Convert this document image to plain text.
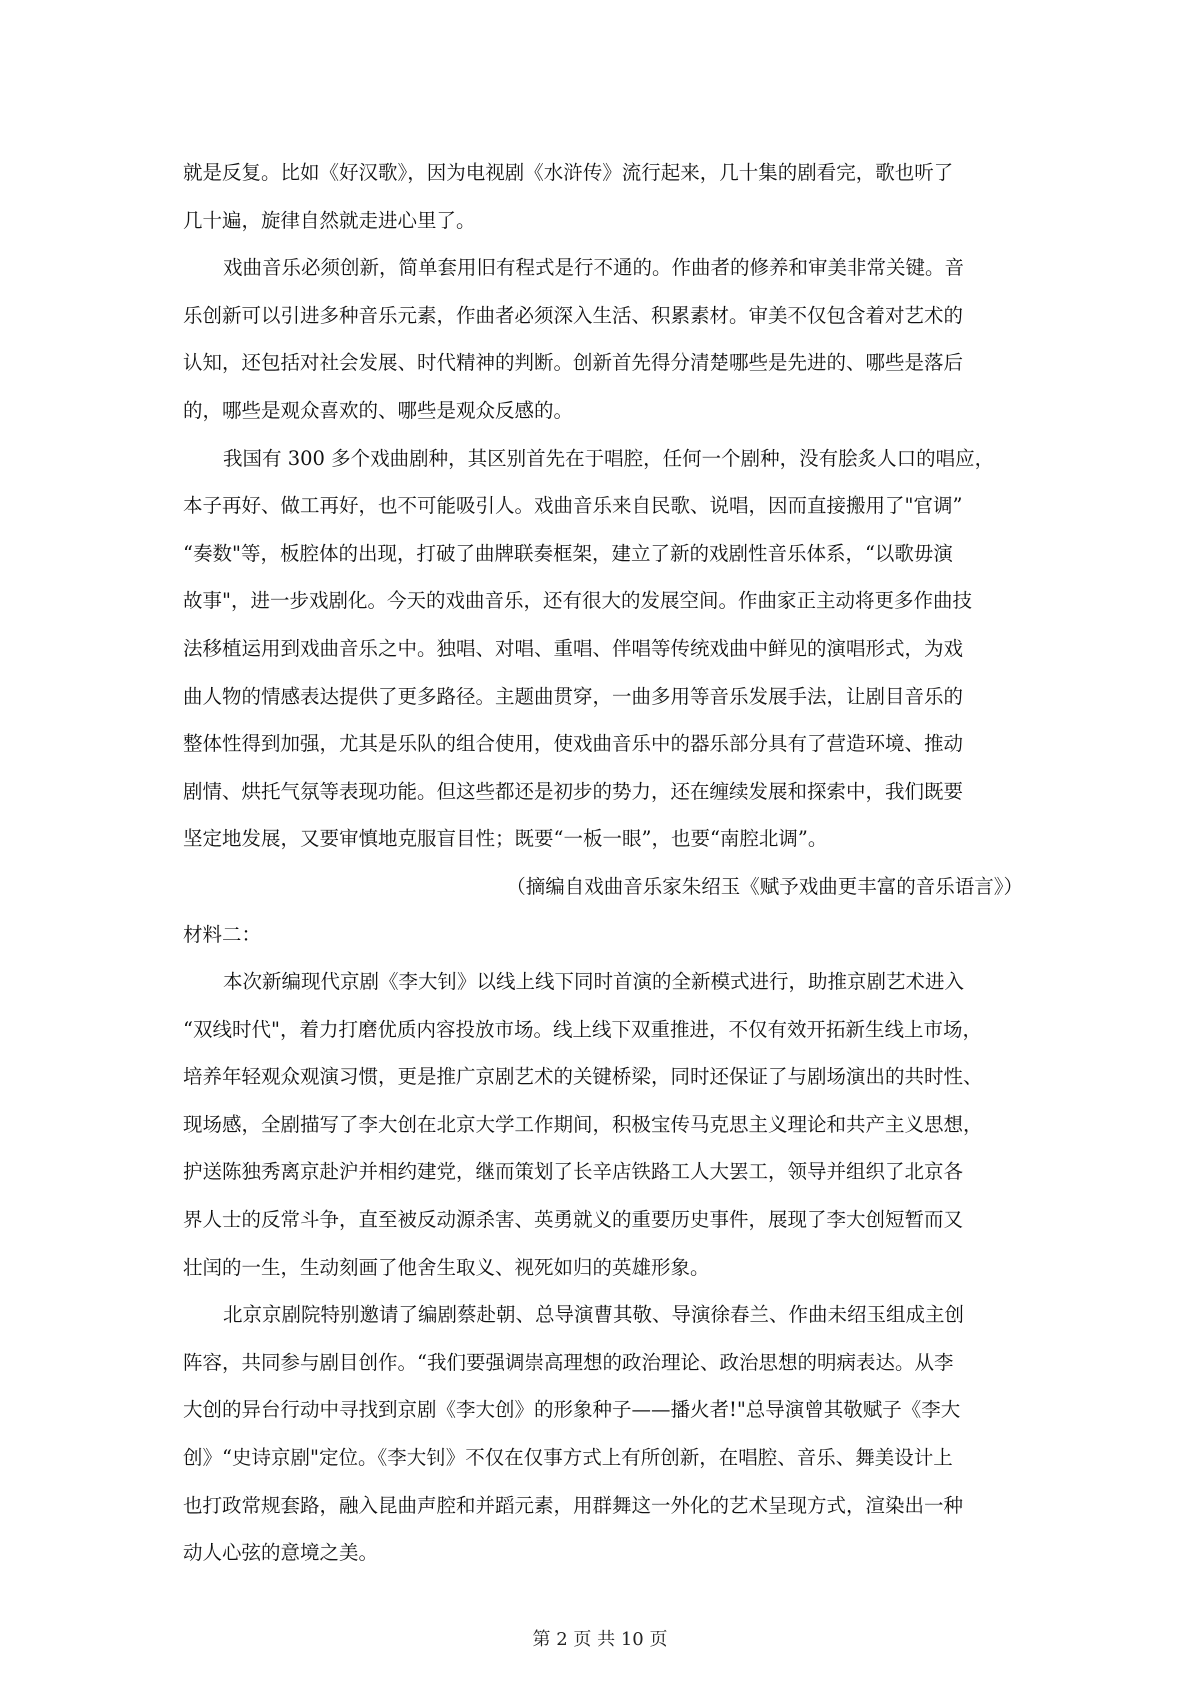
就是反复。比如《好汉歌》，因为电视剧《水浒传》流行起来，几十集的剧看完，歌也听了
几十遍，旋律自然就走进心里了。
戏曲音乐必须创新，简单套用旧有程式是行不通的。作曲者的修养和审美非常关键。音
乐创新可以引进多种音乐元素，作曲者必须深入生活、积累素材。审美不仅包含着对艺术的
认知，还包括对社会发展、时代精神的判断。创新首先得分清楚哪些是先进的、哪些是落后
的，哪些是观众喜欢的、哪些是观众反感的。
我国有 300 多个戏曲剧种，其区别首先在于唱腔，任何一个剧种，没有脍炙人口的唱应，
本子再好、做工再好，也不可能吸引人。戏曲音乐来自民歌、说唱，因而直接搬用了"官调”
“奏数"等，板腔体的出现，打破了曲牌联奏框架，建立了新的戏剧性音乐体系，“以歌毋演
故事"，进一步戏剧化。今天的戏曲音乐，还有很大的发展空间。作曲家正主动将更多作曲技
法移植运用到戏曲音乐之中。独唱、对唱、重唱、伴唱等传统戏曲中鲜见的演唱形式，为戏
曲人物的情感表达提供了更多路径。主题曲贯穿，一曲多用等音乐发展手法，让剧目音乐的
整体性得到加强，尤其是乐队的组合使用，使戏曲音乐中的器乐部分具有了营造环境、推动
剧情、烘托气氛等表现功能。但这些都还是初步的势力，还在缠续发展和探索中，我们既要
坚定地发展，又要审慎地克服盲目性；既要“一板一眼”，也要“南腔北调”。
（摘编自戏曲音乐家朱绍玉《赋予戏曲更丰富的音乐语言》）
材料二：
本次新编现代京剧《李大钊》以线上线下同时首演的全新模式进行，助推京剧艺术进入
“双线时代"，着力打磨优质内容投放市场。线上线下双重推进，不仅有效开拓新生线上市场，
培养年轻观众观演习惯，更是推广京剧艺术的关键桥梁，同时还保证了与剧场演出的共时性、
现场感，全剧描写了李大创在北京大学工作期间，积极宝传马克思主义理论和共产主义思想，
护送陈独秀离京赴沪并相约建党，继而策划了长辛店铁路工人大罢工，领导并组织了北京各
界人士的反常斗争，直至被反动源杀害、英勇就义的重要历史事件，展现了李大创短暂而又
壮闰的一生，生动刻画了他舍生取义、视死如归的英雄形象。
北京京剧院特别邀请了编剧蔡赴朝、总导演曹其敬、导演徐春兰、作曲未绍玉组成主创
阵容，共同参与剧目创作。“我们要强调崇高理想的政治理论、政治思想的明病表达。从李
大创的异台行动中寻找到京剧《李大创》的形象种子——播火者!"总导演曾其敬赋子《李大
创》“史诗京剧"定位。《李大钊》不仅在仅事方式上有所创新，在唱腔、音乐、舞美设计上
也打政常规套路，融入昆曲声腔和并蹈元素，用群舞这一外化的艺术呈现方式，渲染出一种
动人心弦的意境之美。
第 2 页 共 10 页
